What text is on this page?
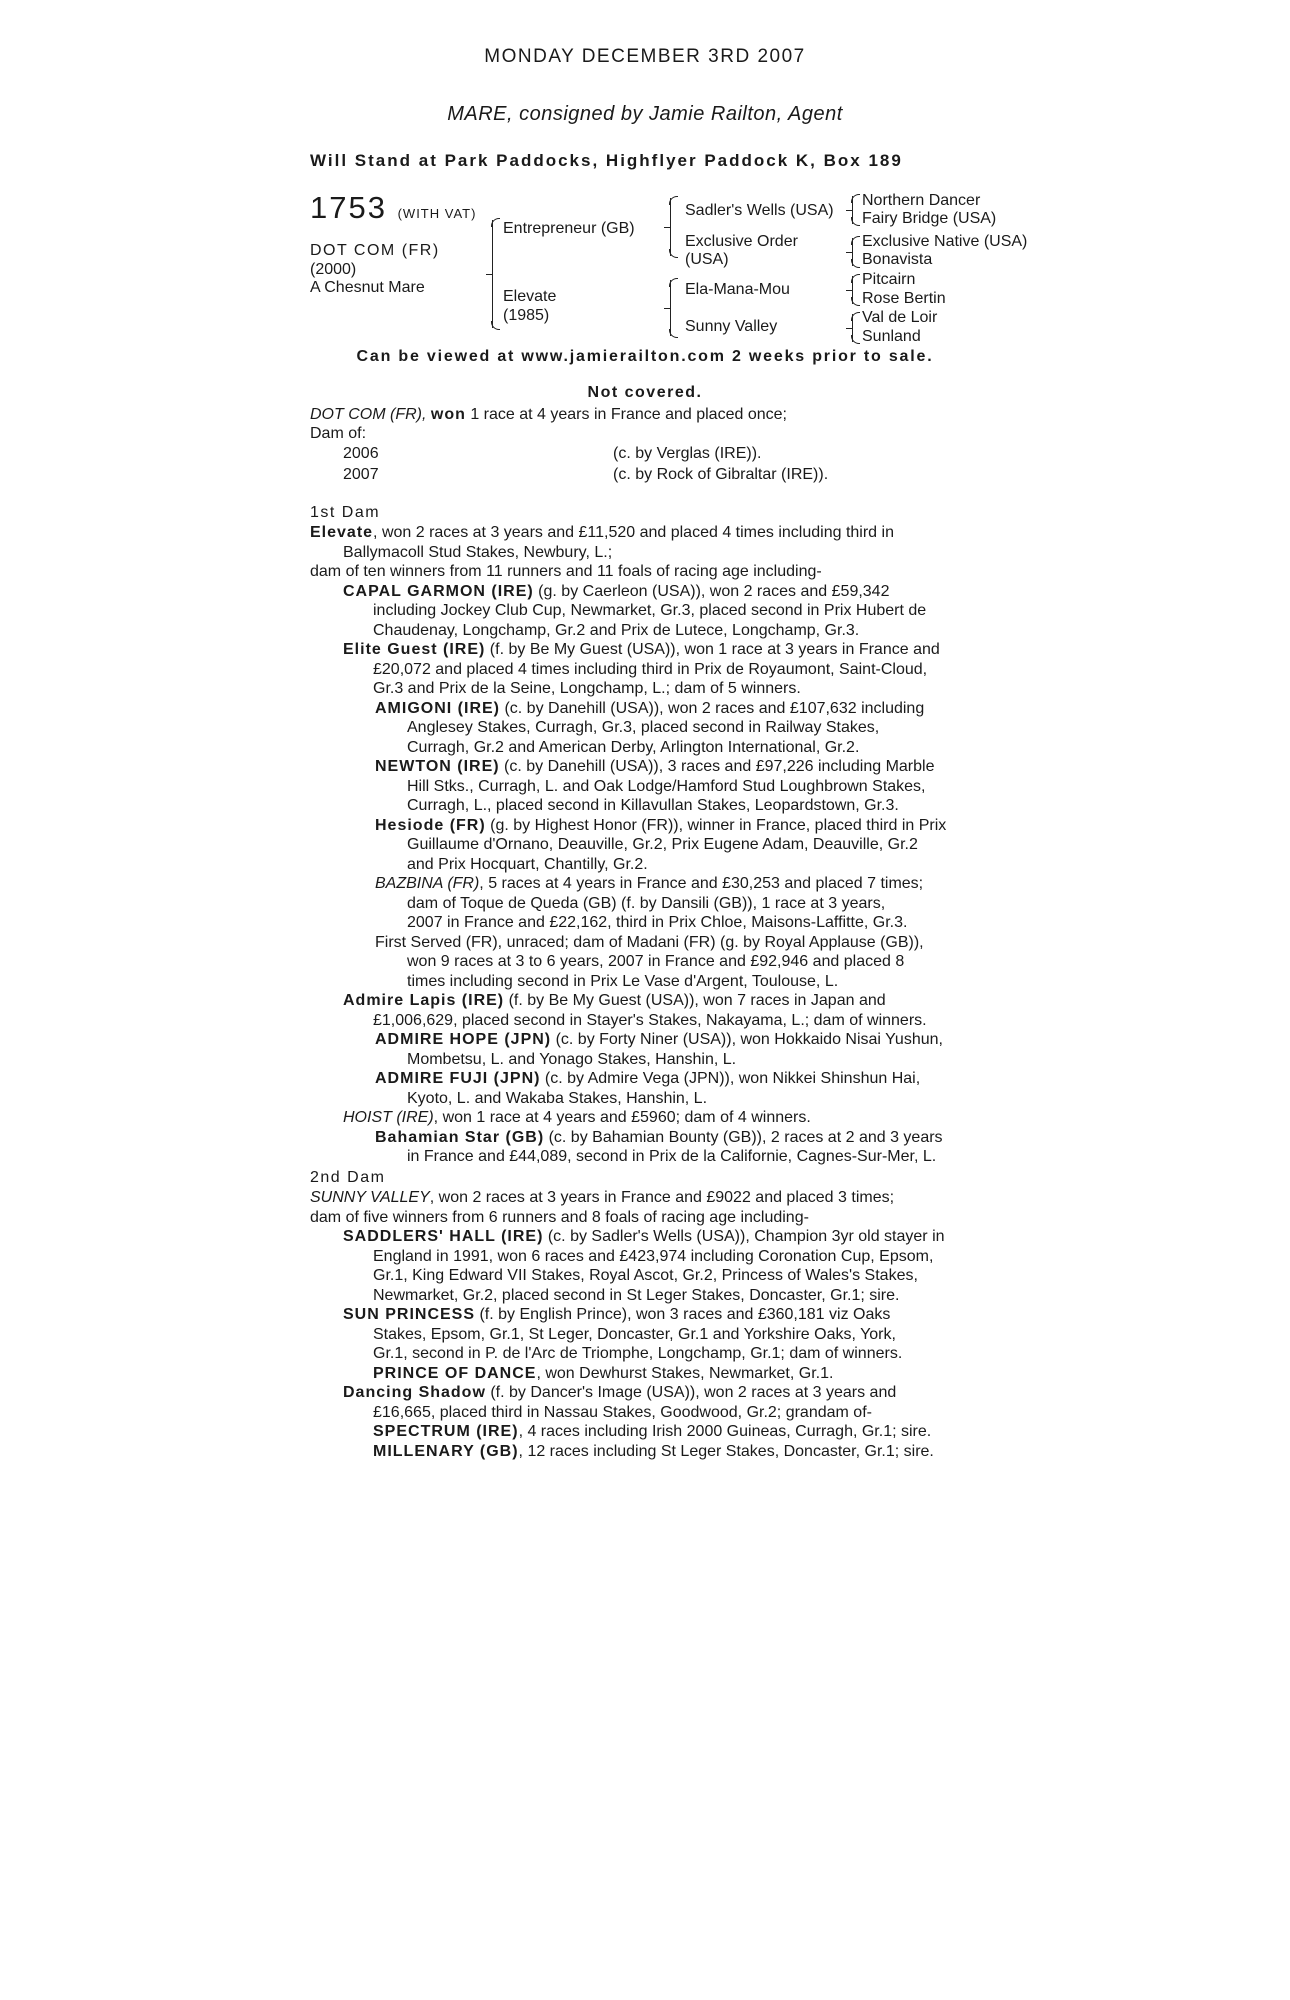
MONDAY DECEMBER 3RD 2007
MARE, consigned by Jamie Railton, Agent
Will Stand at Park Paddocks, Highflyer Paddock K, Box 189
1753 (WITH VAT)
DOT COM (FR)
(2000)
A Chesnut Mare
Entrepreneur (GB)
Elevate
(1985)
Sadler's Wells (USA)
Exclusive Order
(USA)
Ela-Mana-Mou
Sunny Valley
Northern Dancer
Fairy Bridge (USA)
Exclusive Native (USA)
Bonavista
Pitcairn
Rose Bertin
Val de Loir
Sunland
Can be viewed at www.jamierailton.com 2 weeks prior to sale.
Not covered.
DOT COM (FR), won 1 race at 4 years in France and placed once;
Dam of:
2006	(c. by Verglas (IRE)).
2007	(c. by Rock of Gibraltar (IRE)).
1st Dam
Elevate, won 2 races at 3 years and £11,520 and placed 4 times including third in
Ballymacoll Stud Stakes, Newbury, L.;
dam of ten winners from 11 runners and 11 foals of racing age including-
CAPAL GARMON (IRE) (g. by Caerleon (USA)), won 2 races and £59,342
including Jockey Club Cup, Newmarket, Gr.3, placed second in Prix Hubert de
Chaudenay, Longchamp, Gr.2 and Prix de Lutece, Longchamp, Gr.3.
Elite Guest (IRE) (f. by Be My Guest (USA)), won 1 race at 3 years in France and
£20,072 and placed 4 times including third in Prix de Royaumont, Saint-Cloud,
Gr.3 and Prix de la Seine, Longchamp, L.; dam of 5 winners.
AMIGONI (IRE) (c. by Danehill (USA)), won 2 races and £107,632 including
Anglesey Stakes, Curragh, Gr.3, placed second in Railway Stakes,
Curragh, Gr.2 and American Derby, Arlington International, Gr.2.
NEWTON (IRE) (c. by Danehill (USA)), 3 races and £97,226 including Marble
Hill Stks., Curragh, L. and Oak Lodge/Hamford Stud Loughbrown Stakes,
Curragh, L., placed second in Killavullan Stakes, Leopardstown, Gr.3.
Hesiode (FR) (g. by Highest Honor (FR)), winner in France, placed third in Prix
Guillaume d'Ornano, Deauville, Gr.2, Prix Eugene Adam, Deauville, Gr.2
and Prix Hocquart, Chantilly, Gr.2.
BAZBINA (FR), 5 races at 4 years in France and £30,253 and placed 7 times;
dam of Toque de Queda (GB) (f. by Dansili (GB)), 1 race at 3 years,
2007 in France and £22,162, third in Prix Chloe, Maisons-Laffitte, Gr.3.
First Served (FR), unraced; dam of Madani (FR) (g. by Royal Applause (GB)),
won 9 races at 3 to 6 years, 2007 in France and £92,946 and placed 8
times including second in Prix Le Vase d'Argent, Toulouse, L.
Admire Lapis (IRE) (f. by Be My Guest (USA)), won 7 races in Japan and
£1,006,629, placed second in Stayer's Stakes, Nakayama, L.; dam of winners.
ADMIRE HOPE (JPN) (c. by Forty Niner (USA)), won Hokkaido Nisai Yushun,
Mombetsu, L. and Yonago Stakes, Hanshin, L.
ADMIRE FUJI (JPN) (c. by Admire Vega (JPN)), won Nikkei Shinshun Hai,
Kyoto, L. and Wakaba Stakes, Hanshin, L.
HOIST (IRE), won 1 race at 4 years and £5960; dam of 4 winners.
Bahamian Star (GB) (c. by Bahamian Bounty (GB)), 2 races at 2 and 3 years
in France and £44,089, second in Prix de la Californie, Cagnes-Sur-Mer, L.
2nd Dam
SUNNY VALLEY, won 2 races at 3 years in France and £9022 and placed 3 times;
dam of five winners from 6 runners and 8 foals of racing age including-
SADDLERS' HALL (IRE) (c. by Sadler's Wells (USA)), Champion 3yr old stayer in
England in 1991, won 6 races and £423,974 including Coronation Cup, Epsom,
Gr.1, King Edward VII Stakes, Royal Ascot, Gr.2, Princess of Wales's Stakes,
Newmarket, Gr.2, placed second in St Leger Stakes, Doncaster, Gr.1; sire.
SUN PRINCESS (f. by English Prince), won 3 races and £360,181 viz Oaks
Stakes, Epsom, Gr.1, St Leger, Doncaster, Gr.1 and Yorkshire Oaks, York,
Gr.1, second in P. de l'Arc de Triomphe, Longchamp, Gr.1; dam of winners.
PRINCE OF DANCE, won Dewhurst Stakes, Newmarket, Gr.1.
Dancing Shadow (f. by Dancer's Image (USA)), won 2 races at 3 years and
£16,665, placed third in Nassau Stakes, Goodwood, Gr.2; grandam of-
SPECTRUM (IRE), 4 races including Irish 2000 Guineas, Curragh, Gr.1; sire.
MILLENARY (GB), 12 races including St Leger Stakes, Doncaster, Gr.1; sire.
